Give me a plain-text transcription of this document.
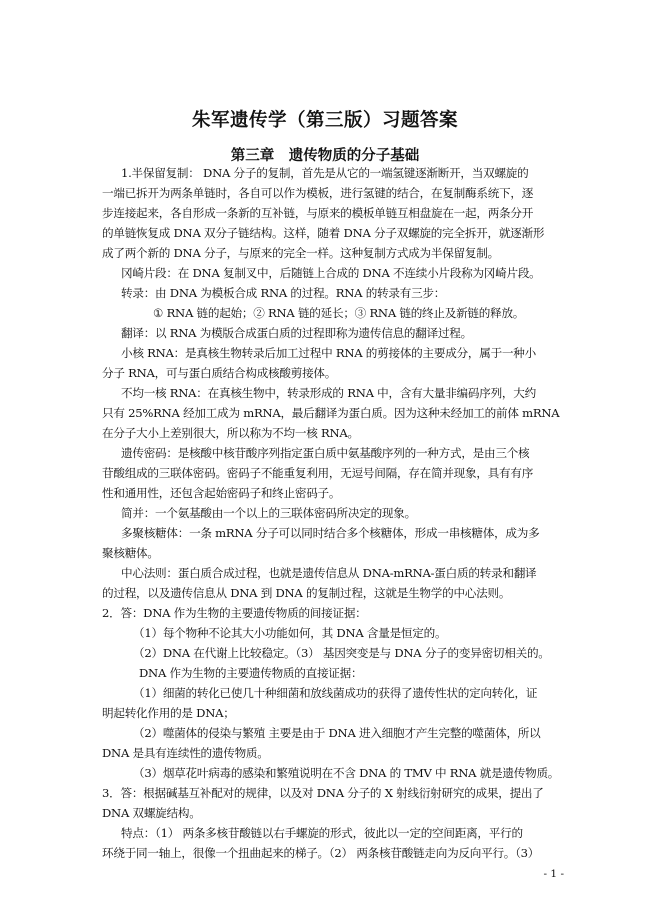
朱军遗传学（第三版）习题答案
第三章　遗传物质的分子基础
1.半保留复制： DNA 分子的复制，首先是从它的一端氢键逐渐断开，当双螺旋的
一端已拆开为两条单链时，各自可以作为模板，进行氢键的结合，在复制酶系统下，逐
步连接起来，各自形成一条新的互补链，与原来的模板单链互相盘旋在一起，两条分开
的单链恢复成 DNA 双分子链结构。这样，随着 DNA 分子双螺旋的完全拆开，就逐渐形
成了两个新的 DNA 分子，与原来的完全一样。这种复制方式成为半保留复制。
冈崎片段：在 DNA 复制叉中，后随链上合成的 DNA 不连续小片段称为冈崎片段。
转录：由 DNA 为模板合成 RNA 的过程。RNA 的转录有三步：
① RNA 链的起始；② RNA 链的延长；③ RNA 链的终止及新链的释放。
翻译：以 RNA 为模版合成蛋白质的过程即称为遗传信息的翻译过程。
小核 RNA：是真核生物转录后加工过程中 RNA 的剪接体的主要成分，属于一种小
分子 RNA，可与蛋白质结合构成核酸剪接体。
不均一核 RNA：在真核生物中，转录形成的 RNA 中，含有大量非编码序列，大约
只有 25%RNA 经加工成为 mRNA，最后翻译为蛋白质。因为这种未经加工的前体 mRNA
在分子大小上差别很大，所以称为不均一核 RNA。
遗传密码：是核酸中核苷酸序列指定蛋白质中氨基酸序列的一种方式，是由三个核
苷酸组成的三联体密码。密码子不能重复利用，无逗号间隔，存在简并现象，具有有序
性和通用性，还包含起始密码子和终止密码子。
简并：一个氨基酸由一个以上的三联体密码所决定的现象。
多聚核糖体：一条 mRNA 分子可以同时结合多个核糖体，形成一串核糖体，成为多
聚核糖体。
中心法则：蛋白质合成过程，也就是遗传信息从 DNA-mRNA-蛋白质的转录和翻译
的过程，以及遗传信息从 DNA 到 DNA 的复制过程，这就是生物学的中心法则。
2．答：DNA 作为生物的主要遗传物质的间接证据：
（1）每个物种不论其大小功能如何，其 DNA 含量是恒定的。
（2）DNA 在代谢上比较稳定。（3） 基因突变是与 DNA 分子的变异密切相关的。
DNA 作为生物的主要遗传物质的直接证据：
（1）细菌的转化已使几十种细菌和放线菌成功的获得了遗传性状的定向转化，证
明起转化作用的是 DNA；
（2）噬菌体的侵染与繁殖 主要是由于 DNA 进入细胞才产生完整的噬菌体，所以
DNA 是具有连续性的遗传物质。
（3）烟草花叶病毒的感染和繁殖说明在不含 DNA 的 TMV 中 RNA 就是遗传物质。
3．答：根据碱基互补配对的规律，以及对 DNA 分子的 X 射线衍射研究的成果，提出了
DNA 双螺旋结构。
特点：（1） 两条多核苷酸链以右手螺旋的形式，彼此以一定的空间距离，平行的
环绕于同一轴上，很像一个扭曲起来的梯子。（2） 两条核苷酸链走向为反向平行。（3）
- 1 -
